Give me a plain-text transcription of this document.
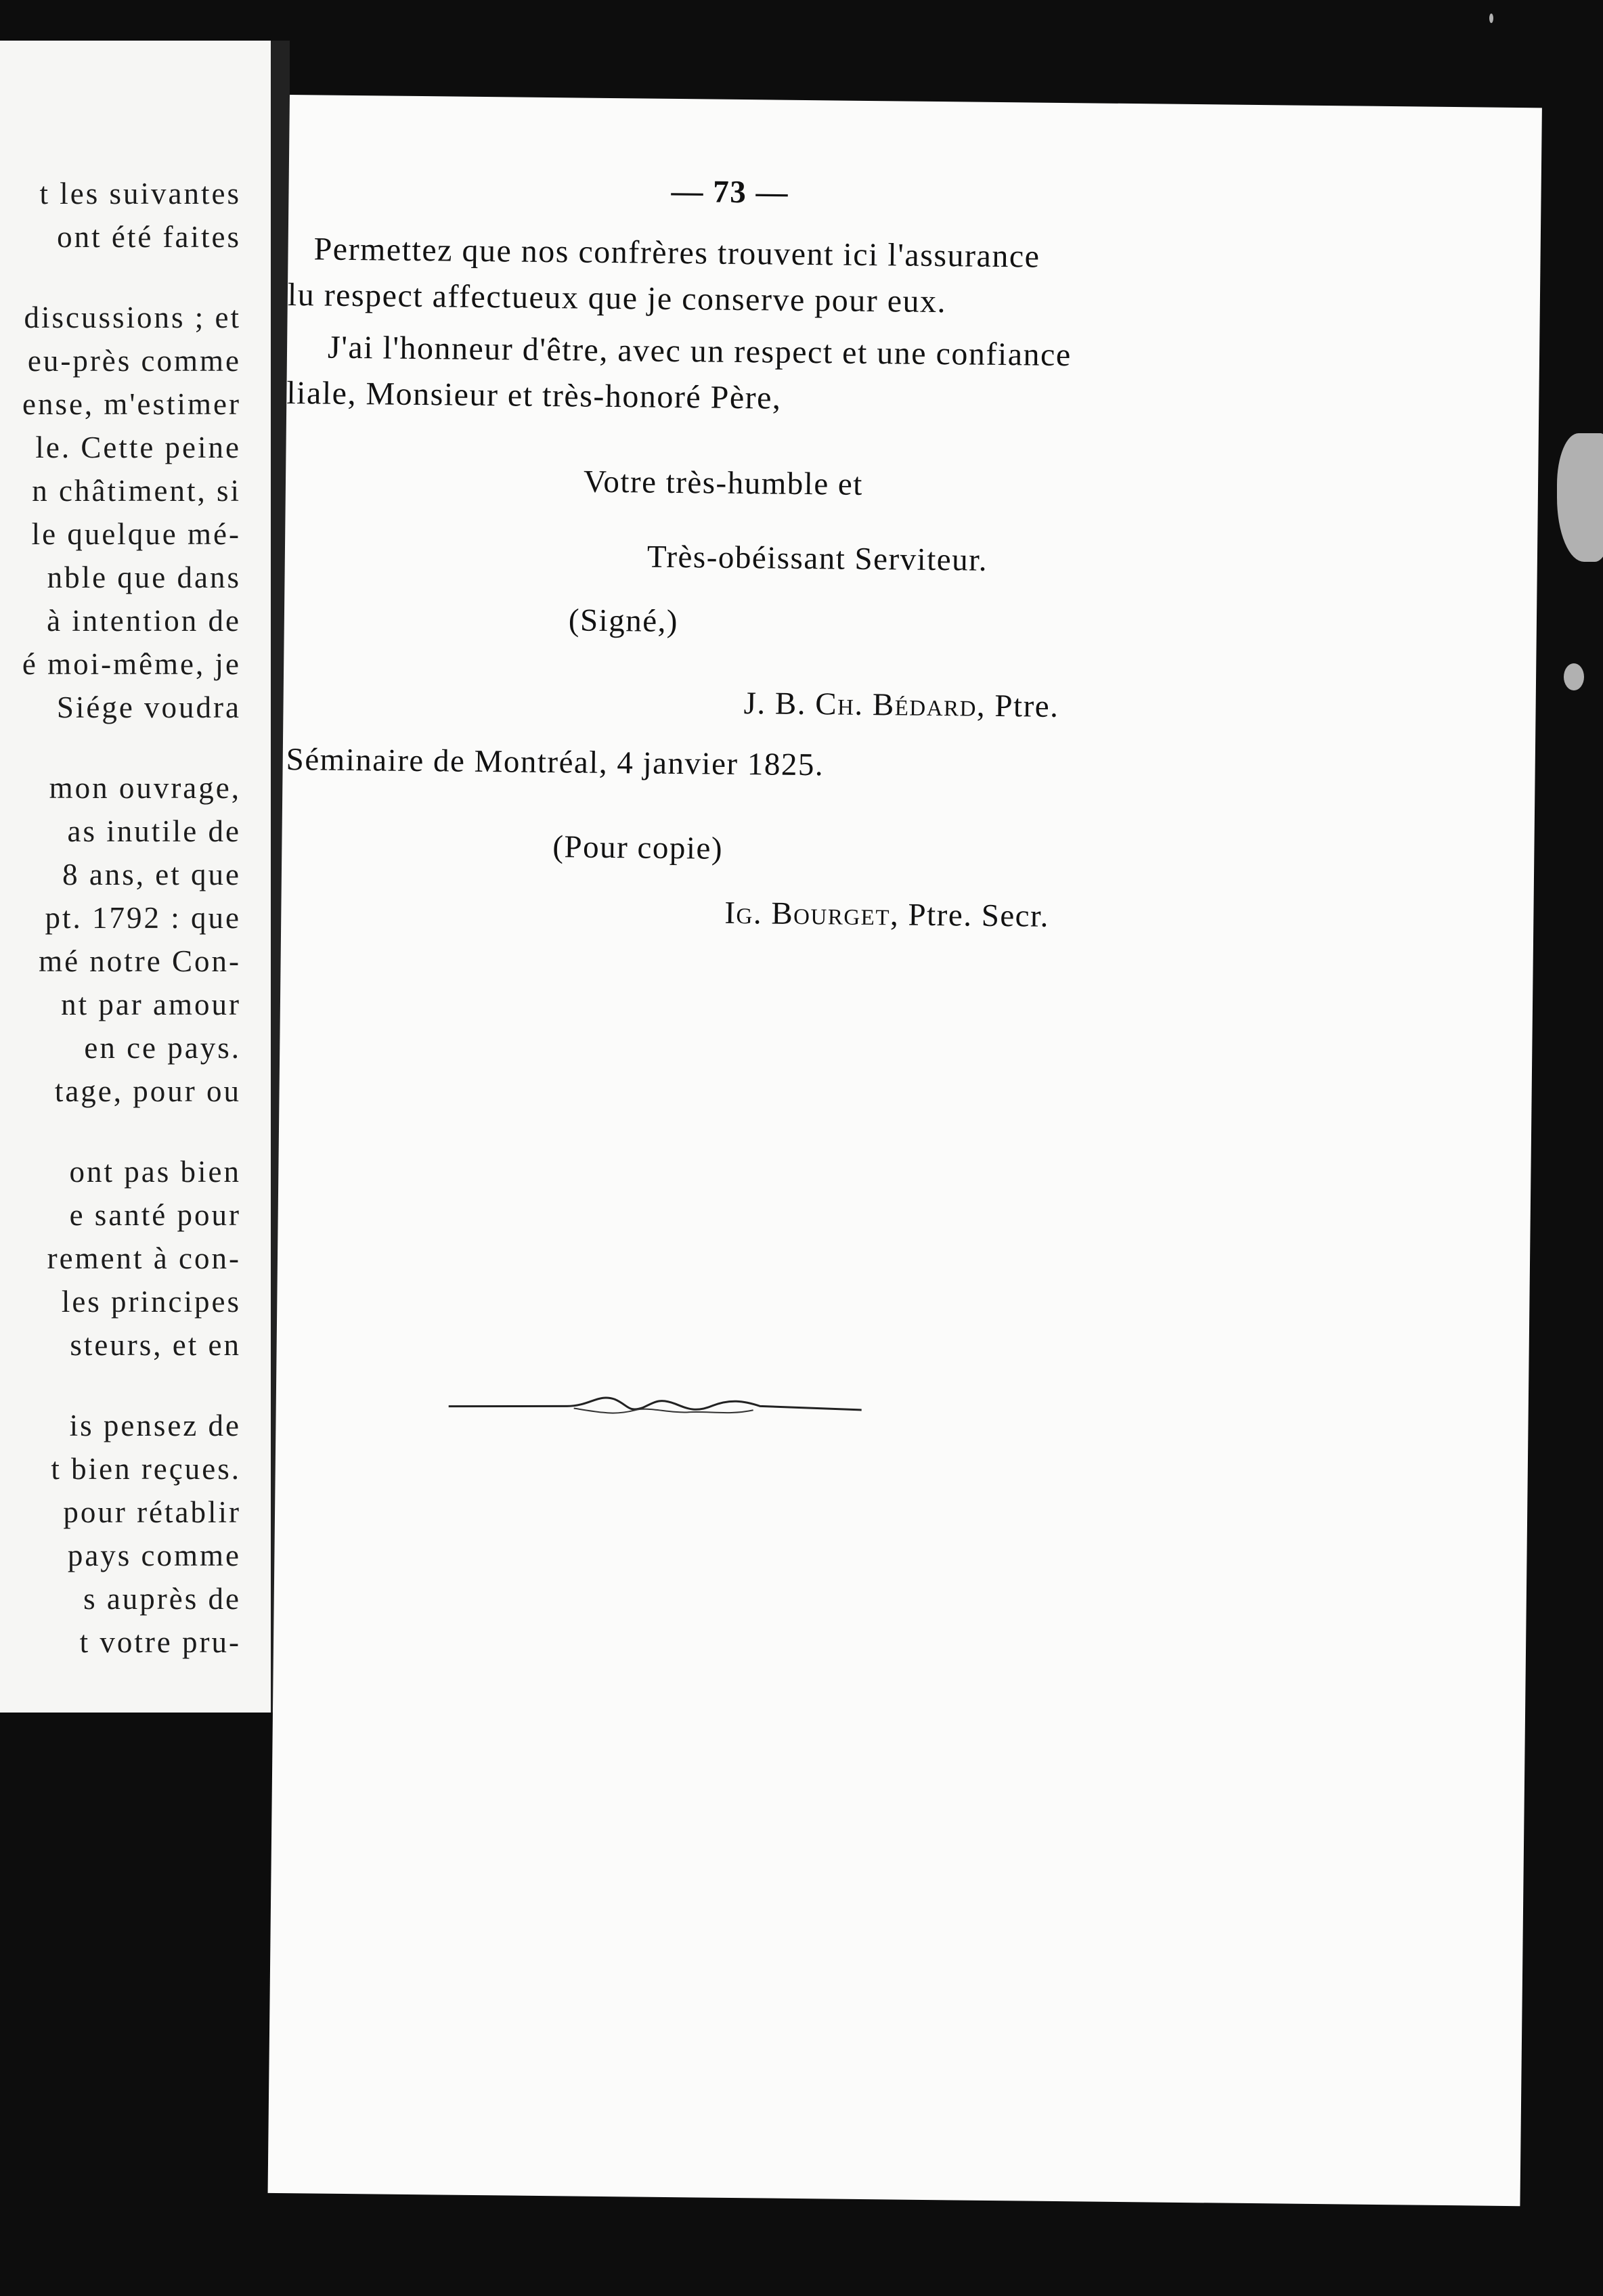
t les suivantes
ont été faites
discussions ; et
eu-près comme
ense, m'estimer
le. Cette peine
n châtiment, si
le quelque mé-
nble que dans
à intention de
é moi-même, je
Siége voudra
mon ouvrage,
as inutile de
8 ans, et que
pt. 1792 : que
mé notre Con-
nt par amour
en ce pays.
tage, pour ou
ont pas bien
e santé pour
rement à con-
les principes
steurs, et en
is pensez de
t bien reçues.
pour rétablir
pays comme
s auprès de
t votre pru-
— 73 —
Permettez que nos confrères trouvent ici l'assurance
lu respect affectueux que je conserve pour eux.
J'ai l'honneur d'être, avec un respect et une confiance
liale, Monsieur et très-honoré Père,
Votre très-humble et
Très-obéissant Serviteur.
(Signé,)
J. B. Ch. Bédard, Ptre.
Séminaire de Montréal, 4 janvier 1825.
(Pour copie)
Ig. Bourget, Ptre. Secr.
